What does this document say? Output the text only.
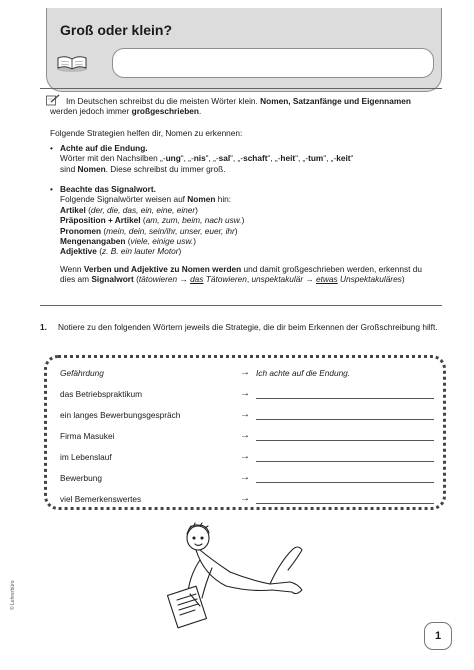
Groß oder klein?
Im Deutschen schreibst du die meisten Wörter klein. Nomen, Satzanfänge und Eigennamen werden jedoch immer großgeschrieben.
Folgende Strategien helfen dir, Nomen zu erkennen:
• Achte auf die Endung.
Wörter mit den Nachsilben „-ung“, „-nis“, „-sal“, „-schaft“, „-heit“, „-tum“, „-keit“
sind Nomen. Diese schreibst du immer groß.
• Beachte das Signalwort.
Folgende Signalwörter weisen auf Nomen hin:
Artikel (der, die, das, ein, eine, einer)
Präposition + Artikel (am, zum, beim, nach usw.)
Pronomen (mein, dein, sein/ihr, unser, euer, ihr)
Mengenangaben (viele, einige usw.)
Adjektive (z. B. ein lauter Motor)
Wenn Verben und Adjektive zu Nomen werden und damit großgeschrieben werden, erkennst du dies am Signalwort (tätowieren → das Tätowieren, unspektakulär → etwas Unspektakuläres)
1. Notiere zu den folgenden Wörtern jeweils die Strategie, die dir beim Erkennen der Großschreibung hilft.
Gefährdung	→ Ich achte auf die Endung.
das Betriebspraktikum	→
ein langes Bewerbungsgespräch	→
Firma Masukei	→
im Lebenslauf	→
Bewerbung	→
viel Bemerkenswertes	→
© Lehrerbüro
1
